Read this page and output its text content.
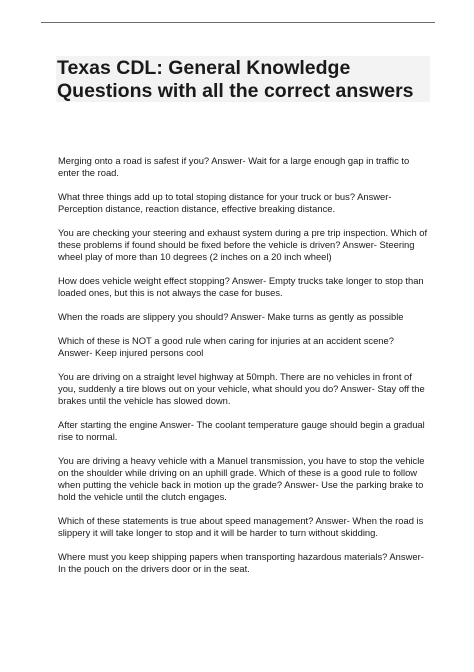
Texas CDL: General Knowledge Questions with all the correct answers
Merging onto a road is safest if you? Answer- Wait for a large enough gap in traffic to enter the road.
What three things add up to total stoping distance for your truck or bus? Answer- Perception distance, reaction distance, effective breaking distance.
You are checking your steering and exhaust system during a pre trip inspection. Which of these problems if found should be fixed before the vehicle is driven? Answer- Steering wheel play of more than 10 degrees (2 inches on a 20 inch wheel)
How does vehicle weight effect stopping? Answer- Empty trucks take longer to stop than loaded ones, but this is not always the case for buses.
When the roads are slippery you should? Answer- Make turns as gently as possible
Which of these is NOT a good rule when caring for injuries at an accident scene? Answer- Keep injured persons cool
You are driving on a straight level highway at 50mph. There are no vehicles in front of you, suddenly a tire blows out on your vehicle, what should you do? Answer- Stay off the brakes until the vehicle has slowed down.
After starting the engine Answer- The coolant temperature gauge should begin a gradual rise to normal.
You are driving a heavy vehicle with a Manuel transmission, you have to stop the vehicle on the shoulder while driving on an uphill grade. Which of these is a good rule to follow when putting the vehicle back in motion up the grade? Answer- Use the parking brake to hold the vehicle until the clutch engages.
Which of these statements is true about speed management? Answer- When the road is slippery it will take longer to stop and it will be harder to turn without skidding.
Where must you keep shipping papers when transporting hazardous materials? Answer- In the pouch on the drivers door or in the seat.
